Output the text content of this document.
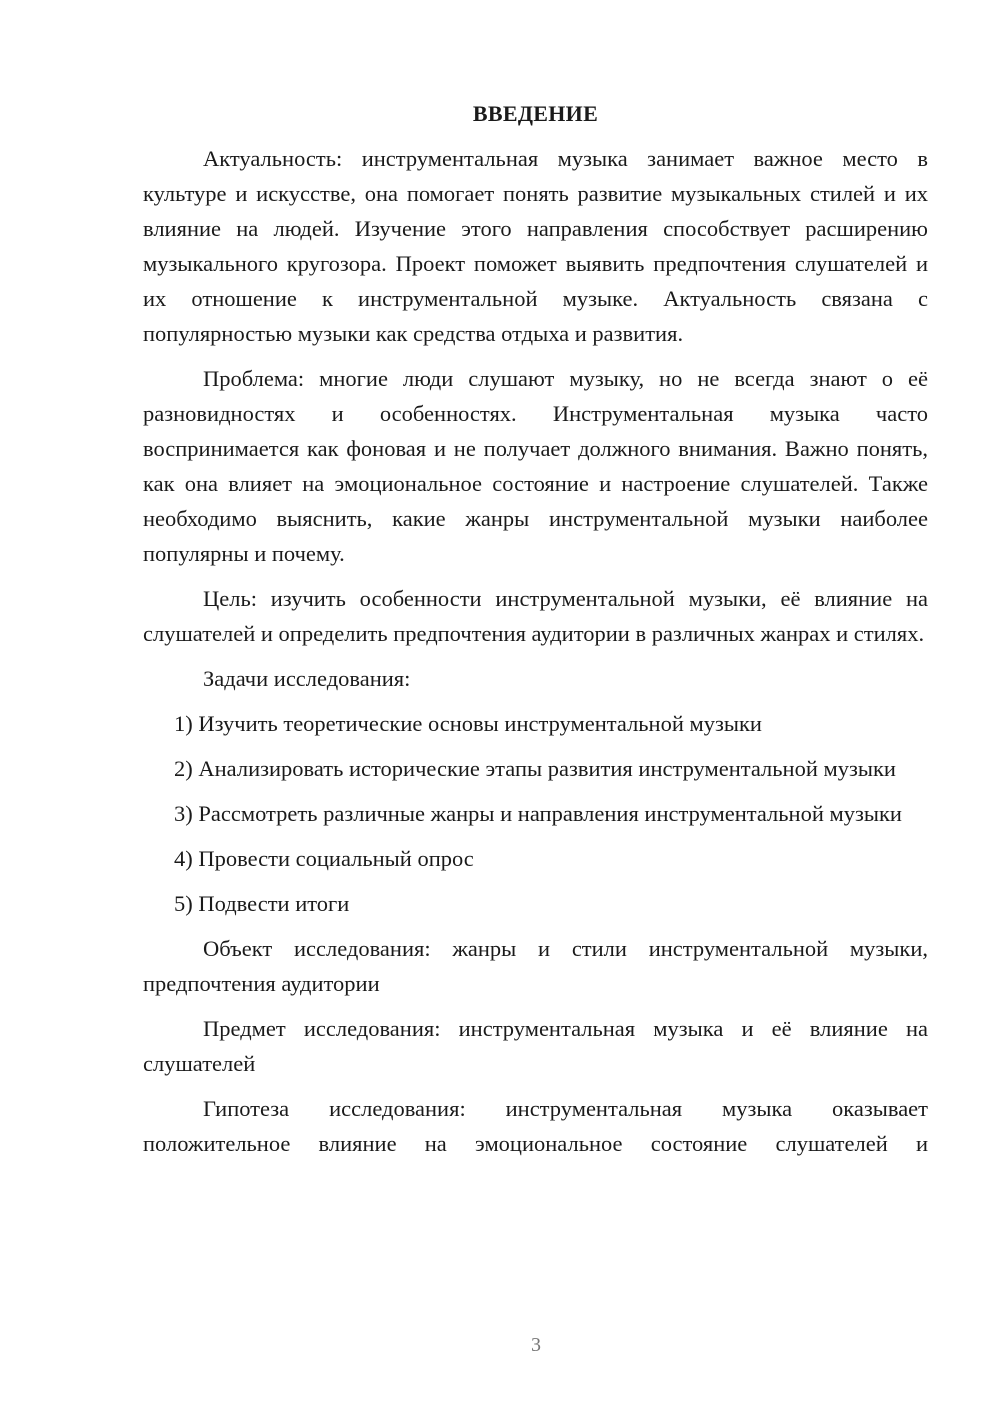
ВВЕДЕНИЕ

Актуальность: инструментальная музыка занимает важное место в культуре и искусстве, она помогает понять развитие музыкальных стилей и их влияние на людей. Изучение этого направления способствует расширению музыкального кругозора. Проект поможет выявить предпочтения слушателей и их отношение к инструментальной музыке. Актуальность связана с популярностью музыки как средства отдыха и развития.

Проблема: многие люди слушают музыку, но не всегда знают о её разновидностях и особенностях. Инструментальная музыка часто воспринимается как фоновая и не получает должного внимания. Важно понять, как она влияет на эмоциональное состояние и настроение слушателей. Также необходимо выяснить, какие жанры инструментальной музыки наиболее популярны и почему.

Цель: изучить особенности инструментальной музыки, её влияние на слушателей и определить предпочтения аудитории в различных жанрах и стилях.

Задачи исследования:

1) Изучить теоретические основы инструментальной музыки

2) Анализировать исторические этапы развития инструментальной музыки

3) Рассмотреть различные жанры и направления инструментальной музыки

4) Провести социальный опрос

5) Подвести итоги

Объект исследования: жанры и стили инструментальной музыки, предпочтения аудитории

Предмет исследования: инструментальная музыка и её влияние на слушателей

Гипотеза исследования: инструментальная музыка оказывает положительное влияние на эмоциональное состояние слушателей и

3
